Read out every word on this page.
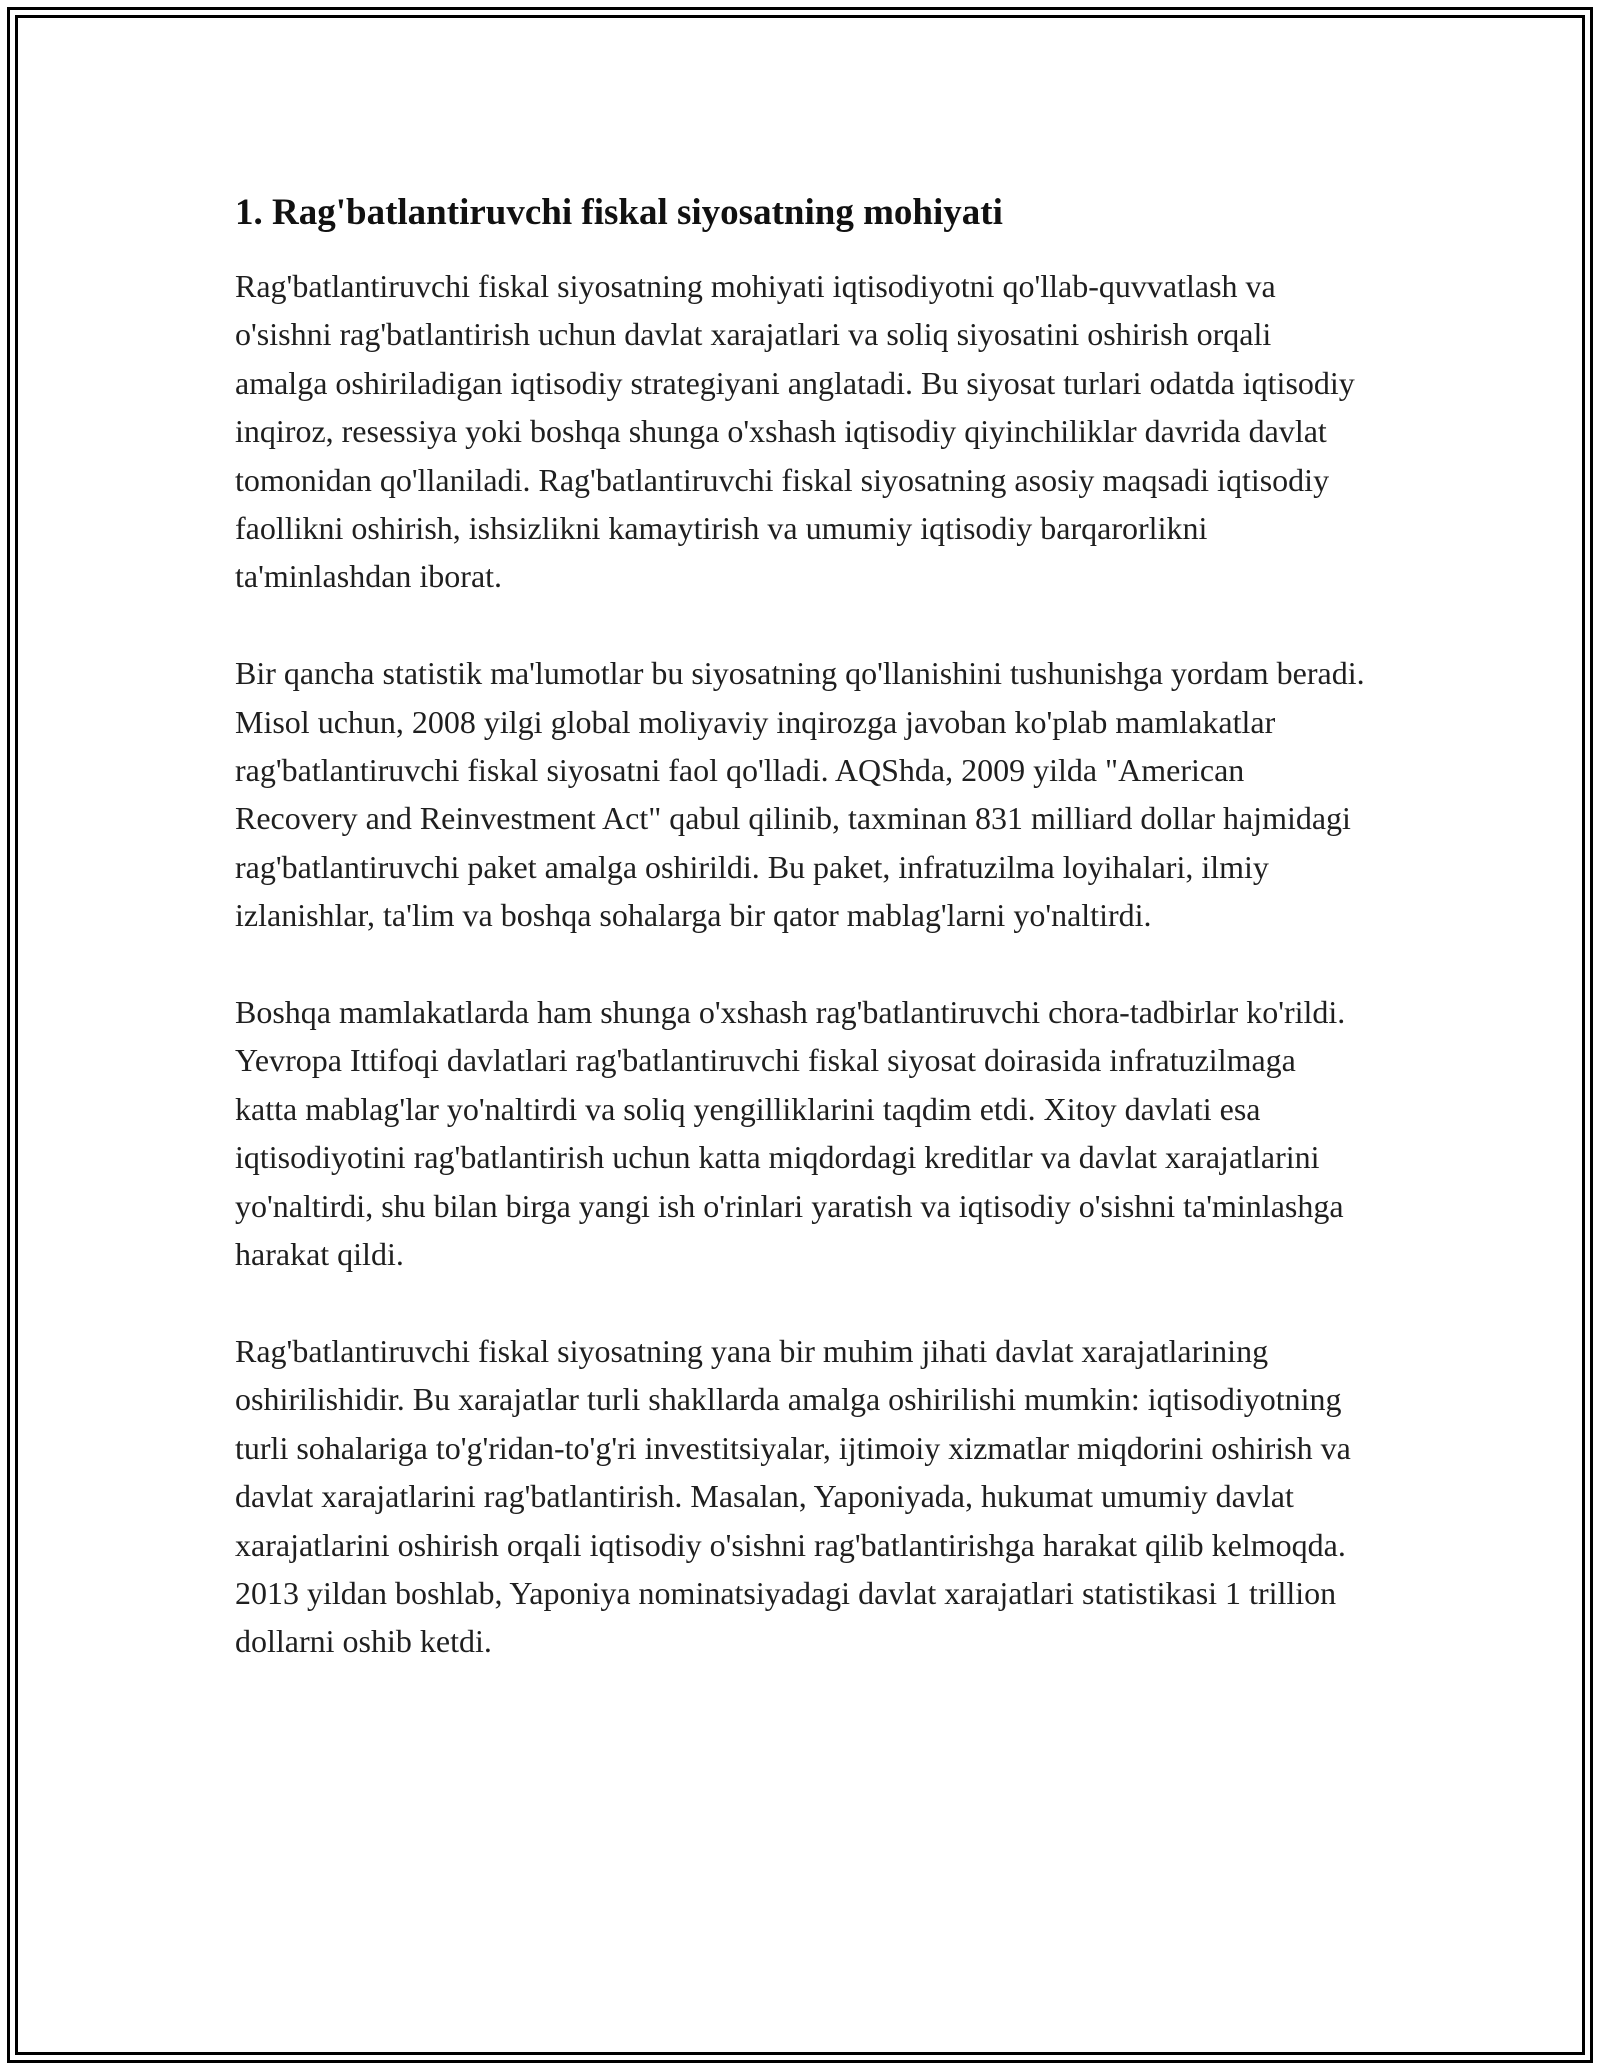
1. Rag'batlantiruvchi fiskal siyosatning mohiyati

Rag'batlantiruvchi fiskal siyosatning mohiyati iqtisodiyotni qo'llab-quvvatlash va o'sishni rag'batlantirish uchun davlat xarajatlari va soliq siyosatini oshirish orqali amalga oshiriladigan iqtisodiy strategiyani anglatadi. Bu siyosat turlari odatda iqtisodiy inqiroz, resessiya yoki boshqa shunga o'xshash iqtisodiy qiyinchiliklar davrida davlat tomonidan qo'llaniladi. Rag'batlantiruvchi fiskal siyosatning asosiy maqsadi iqtisodiy faollikni oshirish, ishsizlikni kamaytirish va umumiy iqtisodiy barqarorlikni ta'minlashdan iborat.

Bir qancha statistik ma'lumotlar bu siyosatning qo'llanishini tushunishga yordam beradi. Misol uchun, 2008 yilgi global moliyaviy inqirozga javoban ko'plab mamlakatlar rag'batlantiruvchi fiskal siyosatni faol qo'lladi. AQShda, 2009 yilda "American Recovery and Reinvestment Act" qabul qilinib, taxminan 831 milliard dollar hajmidagi rag'batlantiruvchi paket amalga oshirildi. Bu paket, infratuzilma loyihalari, ilmiy izlanishlar, ta'lim va boshqa sohalarga bir qator mablag'larni yo'naltirdi.

Boshqa mamlakatlarda ham shunga o'xshash rag'batlantiruvchi chora-tadbirlar ko'rildi. Yevropa Ittifoqi davlatlari rag'batlantiruvchi fiskal siyosat doirasida infratuzilmaga katta mablag'lar yo'naltirdi va soliq yengilliklarini taqdim etdi. Xitoy davlati esa iqtisodiyotini rag'batlantirish uchun katta miqdordagi kreditlar va davlat xarajatlarini yo'naltirdi, shu bilan birga yangi ish o'rinlari yaratish va iqtisodiy o'sishni ta'minlashga harakat qildi.

Rag'batlantiruvchi fiskal siyosatning yana bir muhim jihati davlat xarajatlarining oshirilishidir. Bu xarajatlar turli shakllarda amalga oshirilishi mumkin: iqtisodiyotning turli sohalariga to'g'ridan-to'g'ri investitsiyalar, ijtimoiy xizmatlar miqdorini oshirish va davlat xarajatlarini rag'batlantirish. Masalan, Yaponiyada, hukumat umumiy davlat xarajatlarini oshirish orqali iqtisodiy o'sishni rag'batlantirishga harakat qilib kelmoqda. 2013 yildan boshlab, Yaponiya nominatsiyadagi davlat xarajatlari statistikasi 1 trillion dollarni oshib ketdi.
